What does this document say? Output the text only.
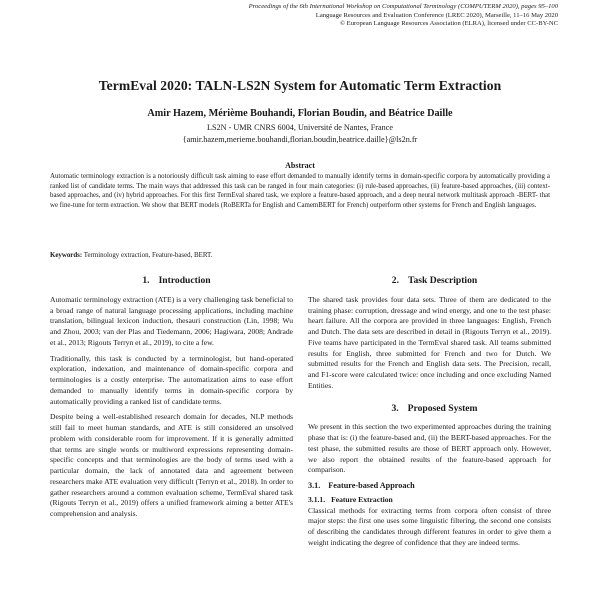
Proceedings of the 6th International Workshop on Computational Terminology (COMPUTERM 2020), pages 95–100
Language Resources and Evaluation Conference (LREC 2020), Marseille, 11–16 May 2020
© European Language Resources Association (ELRA), licensed under CC-BY-NC
TermEval 2020: TALN-LS2N System for Automatic Term Extraction
Amir Hazem, Mérième Bouhandi, Florian Boudin, and Béatrice Daille
LS2N - UMR CNRS 6004, Université de Nantes, France
{amir.hazem,merieme.bouhandi,florian.boudin,beatrice.daille}@ls2n.fr
Abstract
Automatic terminology extraction is a notoriously difficult task aiming to ease effort demanded to manually identify terms in domain-specific corpora by automatically providing a ranked list of candidate terms. The main ways that addressed this task can be ranged in four main categories: (i) rule-based approaches, (ii) feature-based approaches, (iii) context-based approaches, and (iv) hybrid approaches. For this first TermEval shared task, we explore a feature-based approach, and a deep neural network multitask approach -BERT- that we fine-tune for term extraction. We show that BERT models (RoBERTa for English and CamemBERT for French) outperform other systems for French and English languages.
Keywords: Terminology extraction, Feature-based, BERT.
1. Introduction

Automatic terminology extraction (ATE) is a very challenging task beneficial to a broad range of natural language processing applications, including machine translation, bilingual lexicon induction, thesauri construction (Lin, 1998; Wu and Zhou, 2003; van der Plas and Tiedemann, 2006; Hagiwara, 2008; Andrade et al., 2013; Rigouts Terryn et al., 2019), to cite a few.

Traditionally, this task is conducted by a terminologist, but hand-operated exploration, indexation, and maintenance of domain-specific corpora and terminologies is a costly enterprise. The automatization aims to ease effort demanded to manually identify terms in domain-specific corpora by automatically providing a ranked list of candidate terms.

Despite being a well-established research domain for decades, NLP methods still fail to meet human standards, and ATE is still considered an unsolved problem with considerable room for improvement. If it is generally admitted that terms are single words or multiword expressions representing domain-specific concepts and that terminologies are the body of terms used with a particular domain, the lack of annotated data and agreement between researchers make ATE evaluation very difficult (Terryn et al., 2018). In order to gather researchers around a common evaluation scheme, TermEval shared task (Rigouts Terryn et al., 2019) offers a unified framework aiming a better ATE's comprehension and analysis.

2. Task Description

The shared task provides four data sets. Three of them are dedicated to the training phase: corruption, dressage and wind energy, and one to the test phase: heart failure. All the corpora are provided in three languages: English, French and Dutch. The data sets are described in detail in (Rigouts Terryn et al., 2019). Five teams have participated in the TermEval shared task. All teams submitted results for English, three submitted for French and two for Dutch. We submitted results for the French and English data sets. The Precision, recall, and F1-score were calculated twice: once including and once excluding Named Entities.

3. Proposed System

We present in this section the two experimented approaches during the training phase that is: (i) the feature-based and, (ii) the BERT-based approaches. For the test phase, the submitted results are those of BERT approach only. However, we also report the obtained results of the feature-based approach for comparison.

3.1. Feature-based Approach
3.1.1. Feature Extraction

Classical methods for extracting terms from corpora often consist of three major steps: the first one uses some linguistic filtering, the second one consists of describing the candidates through different features in order to give them a weight indicating the degree of confidence that they are indeed terms.
